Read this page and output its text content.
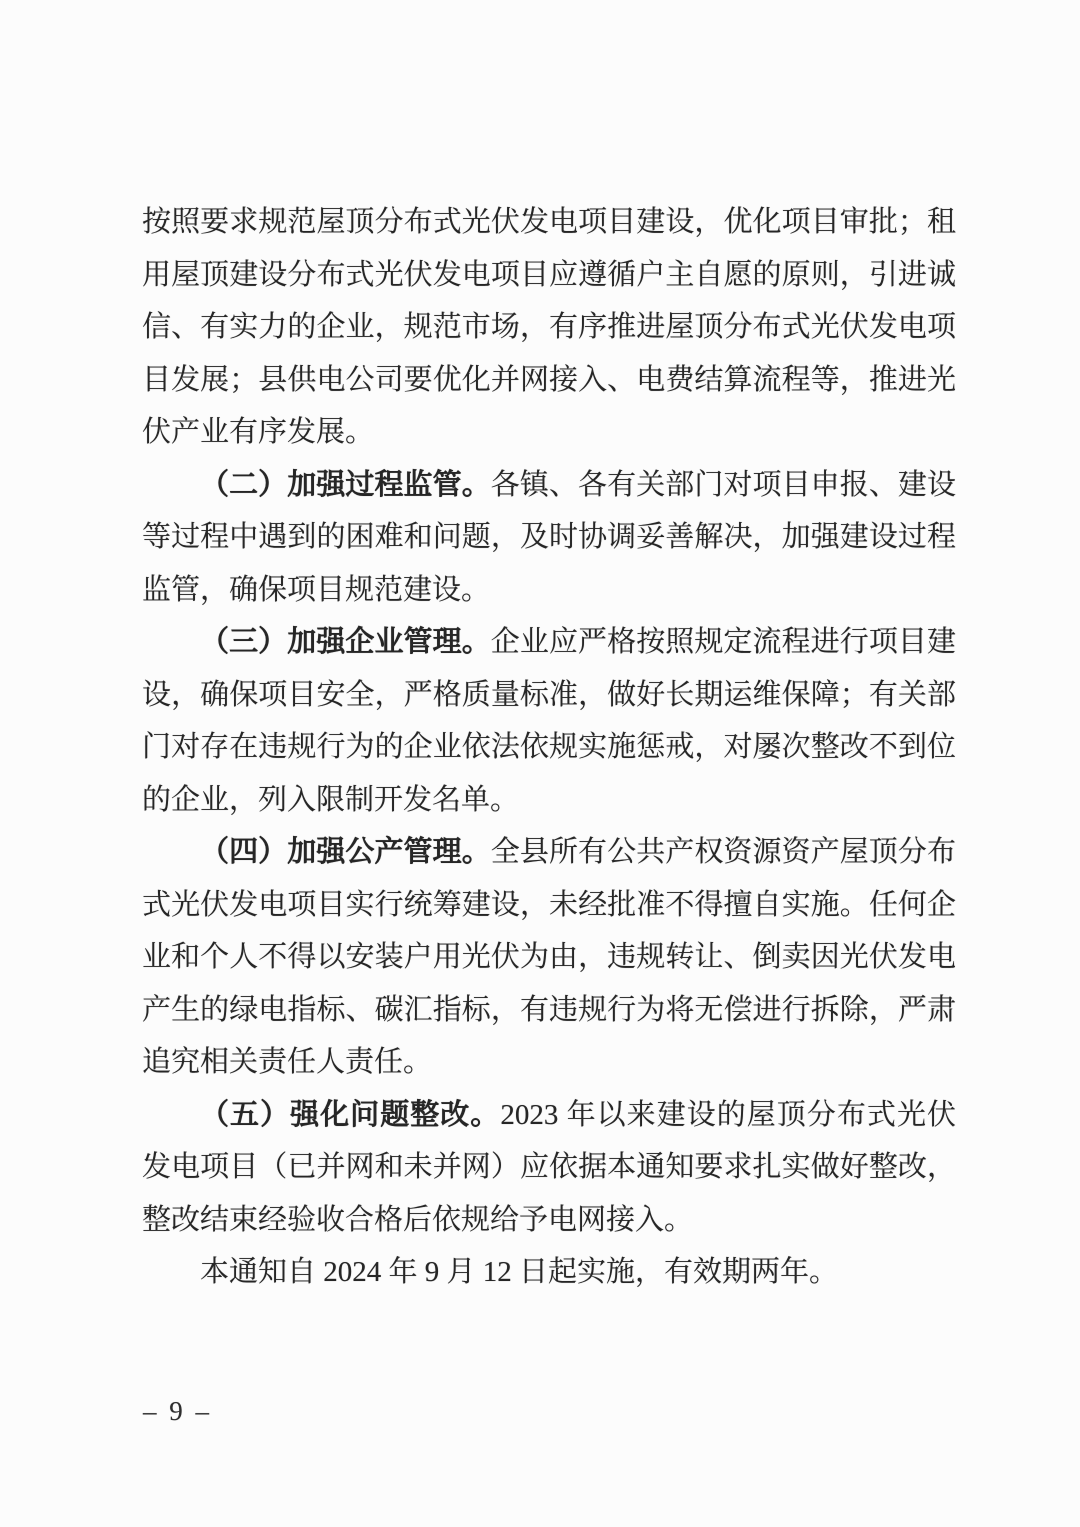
按照要求规范屋顶分布式光伏发电项目建设，优化项目审批；租用屋顶建设分布式光伏发电项目应遵循户主自愿的原则，引进诚信、有实力的企业，规范市场，有序推进屋顶分布式光伏发电项目发展；县供电公司要优化并网接入、电费结算流程等，推进光伏产业有序发展。

（二）加强过程监管。各镇、各有关部门对项目申报、建设等过程中遇到的困难和问题，及时协调妥善解决，加强建设过程监管，确保项目规范建设。

（三）加强企业管理。企业应严格按照规定流程进行项目建设，确保项目安全，严格质量标准，做好长期运维保障；有关部门对存在违规行为的企业依法依规实施惩戒，对屡次整改不到位的企业，列入限制开发名单。

（四）加强公产管理。全县所有公共产权资源资产屋顶分布式光伏发电项目实行统筹建设，未经批准不得擅自实施。任何企业和个人不得以安装户用光伏为由，违规转让、倒卖因光伏发电产生的绿电指标、碳汇指标，有违规行为将无偿进行拆除，严肃追究相关责任人责任。

（五）强化问题整改。2023 年以来建设的屋顶分布式光伏发电项目（已并网和未并网）应依据本通知要求扎实做好整改，整改结束经验收合格后依规给予电网接入。

本通知自 2024 年 9 月 12 日起实施，有效期两年。

– 9 –
